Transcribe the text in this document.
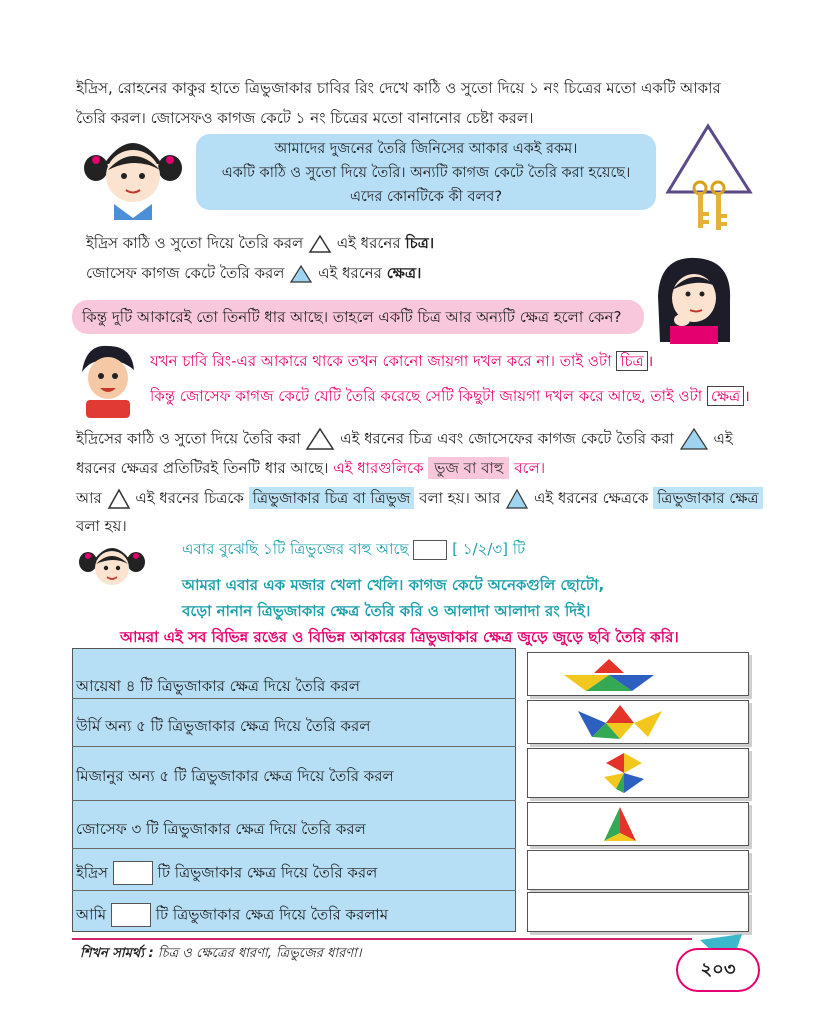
ইদ্রিস, রোহনের কাকুর হাতে ত্রিভুজাকার চাবির রিং দেখে কাঠি ও সুতো দিয়ে ১ নং চিত্রের মতো একটি আকার
তৈরি করল। জোসেফও কাগজ কেটে ১ নং চিত্রের মতো বানানোর চেষ্টা করল।
আমাদের দুজনের তৈরি জিনিসের আকার একই রকম।
একটি কাঠি ও সুতো দিয়ে তৈরি। অন্যটি কাগজ কেটে তৈরি করা হয়েছে।
এদের কোনটিকে কী বলব?
ইদ্রিস কাঠি ও সুতো দিয়ে তৈরি করল এই ধরনের চিত্র।
জোসেফ কাগজ কেটে তৈরি করল এই ধরনের ক্ষেত্র।
কিন্তু দুটি আকারেই তো তিনটি ধার আছে। তাহলে একটি চিত্র আর অন্যটি ক্ষেত্র হলো কেন?
যখন চাবি রিং-এর আকারে থাকে তখন কোনো জায়গা দখল করে না। তাই ওটা চিত্র ।
কিন্তু জোসেফ কাগজ কেটে যেটি তৈরি করেছে সেটি কিছুটা জায়গা দখল করে আছে, তাই ওটা ক্ষেত্র ।
ইদ্রিসের কাঠি ও সুতো দিয়ে তৈরি করা	এই ধরনের চিত্র এবং জোসেফের কাগজ কেটে তৈরি করা	এই
ধরনের ক্ষেত্রর প্রতিটিরই তিনটি ধার আছে। এই ধারগুলিকে ভুজ বা বাহু বলে।
আর এই ধরনের চিত্রকে ত্রিভুজাকার চিত্র বা ত্রিভুজ বলা হয়। আর এই ধরনের ক্ষেত্রকে ত্রিভুজাকার ক্ষেত্র
বলা হয়।
এবার বুঝেছি ১টি ত্রিভুজের বাহু আছে	[ ১/২/৩] টি
আমরা এবার এক মজার খেলা খেলি। কাগজ কেটে অনেকগুলি ছোটো,
বড়ো নানান ত্রিভুজাকার ক্ষেত্র তৈরি করি ও আলাদা আলাদা রং দিই।
আমরা এই সব বিভিন্ন রঙের ও বিভিন্ন আকারের ত্রিভুজাকার ক্ষেত্র জুড়ে জুড়ে ছবি তৈরি করি।
আয়েষা ৪ টি ত্রিভুজাকার ক্ষেত্র দিয়ে তৈরি করল
উর্মি অন্য ৫ টি ত্রিভুজাকার ক্ষেত্র দিয়ে তৈরি করল
মিজানুর অন্য ৫ টি ত্রিভুজাকার ক্ষেত্র দিয়ে তৈরি করল
জোসেফ ৩ টি ত্রিভুজাকার ক্ষেত্র দিয়ে তৈরি করল
ইদ্রিস	টি ত্রিভুজাকার ক্ষেত্র দিয়ে তৈরি করল
আমি	টি ত্রিভুজাকার ক্ষেত্র দিয়ে তৈরি করলাম
শিখন সামর্থ্য : চিত্র ও ক্ষেত্রের ধারণা, ত্রিভুজের ধারণা।
২০৩
